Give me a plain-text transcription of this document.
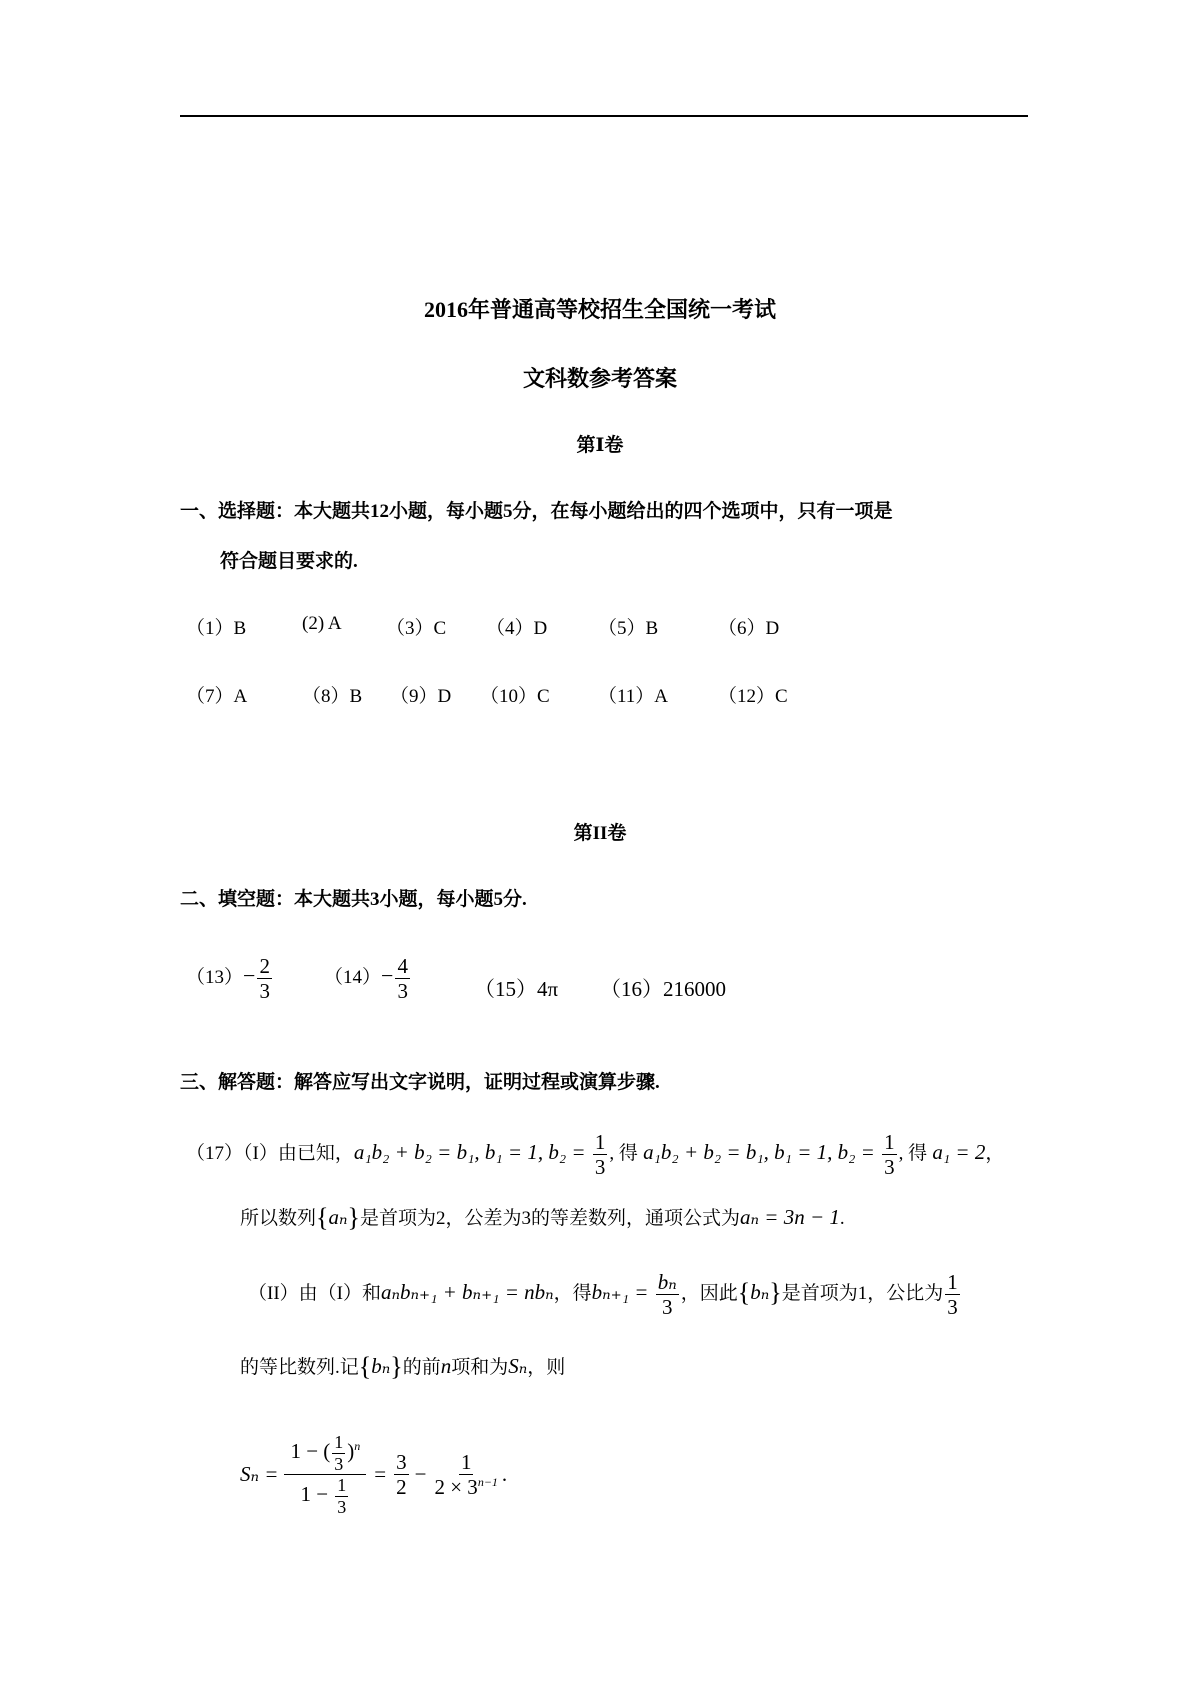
2016年普通高等校招生全国统一考试
文科数参考答案
第Ⅰ卷
一、选择题：本大题共12小题，每小题5分，在每小题给出的四个选项中，只有一项是
符合题目要求的.
（1）B	(2) A （3）C （4）D	（5）B	（6）D
（7）A	（8）B （9）D （10）C	（11）A	（12）C
第II卷
二、填空题：本大题共3小题，每小题5分.
$(13)- \frac{2}{3}$	$(14)- \frac{4}{3}$	（15）4π （16）216000
三、解答题：解答应写出文字说明，证明过程或演算步骤.
（17）（I）由已知，a₁b₂ + b₂ = b₁, b₁ = 1, $b_2 = \frac{1}{3}$ , 得 a₁b₂ + b₂ = b₁, b₁ = 1, $b_2 = \frac{1}{3}$ , 得 a₁ = 2，
所以数列{aₙ}是首项为2，公差为3的等差数列，通项公式为aₙ = 3n − 1.
（II）由（I）和aₙbₙ₊₁ + bₙ₊₁ = nbₙ，得$b_{n+1} = \frac{\text{bₙ}}{3}$ ，因此{bₙ}是首项为1，公比为 $\frac{1}{3}$
的等比数列.记{bₙ}的前n项和为Sₙ，则
$S_n = \frac{1 - ( \frac{1}{3} )^n}{1 - \frac{1}{3}} = \frac{3}{2} - \frac{1}{2 \times 3^{n-1}}$ .
